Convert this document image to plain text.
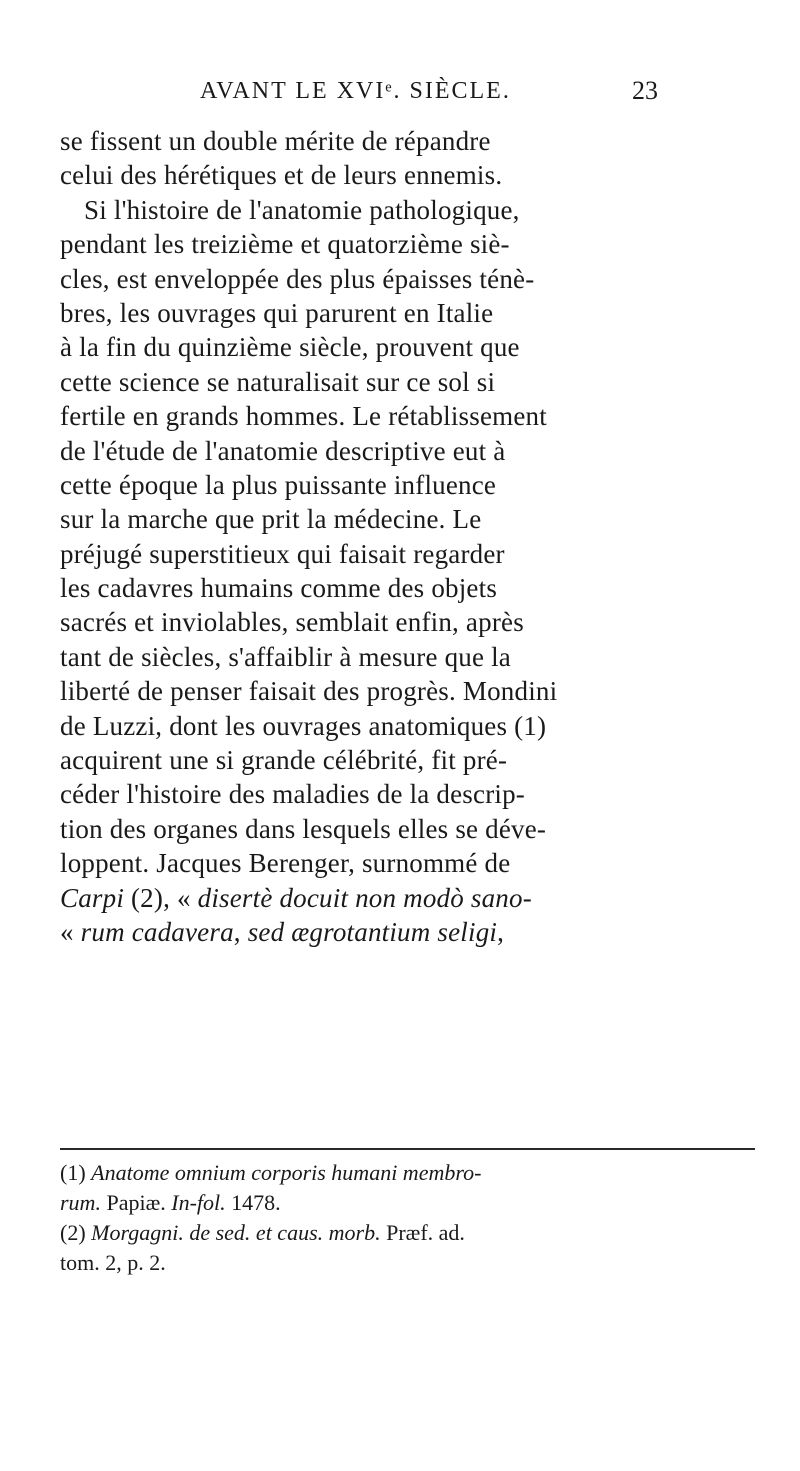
AVANT LE XVIᵉ. SIÈCLE.	23
se fissent un double mérite de répandre
celui des hérétiques et de leurs ennemis.
Si l'histoire de l'anatomie pathologique,
pendant les treizième et quatorzième siè-
cles, est enveloppée des plus épaisses ténè-
bres, les ouvrages qui parurent en Italie
à la fin du quinzième siècle, prouvent que
cette science se naturalisait sur ce sol si
fertile en grands hommes. Le rétablissement
de l'étude de l'anatomie descriptive eut à
cette époque la plus puissante influence
sur la marche que prit la médecine. Le
préjugé superstitieux qui faisait regarder
les cadavres humains comme des objets
sacrés et inviolables, semblait enfin, après
tant de siècles, s'affaiblir à mesure que la
liberté de penser faisait des progrès. Mondini
de Luzzi, dont les ouvrages anatomiques (1)
acquirent une si grande célébrité, fit pré-
céder l'histoire des maladies de la descrip-
tion des organes dans lesquels elles se déve-
loppent. Jacques Berenger, surnommé de
Carpi (2), « disertè docuit non modò sano-
« rum cadavera, sed ægrotantium seligi,
(1) Anatome omnium corporis humani membro-
rum. Papiæ. In-fol. 1478.
(2) Morgagni. de sed. et caus. morb. Præf. ad.
tom. 2, p. 2.
